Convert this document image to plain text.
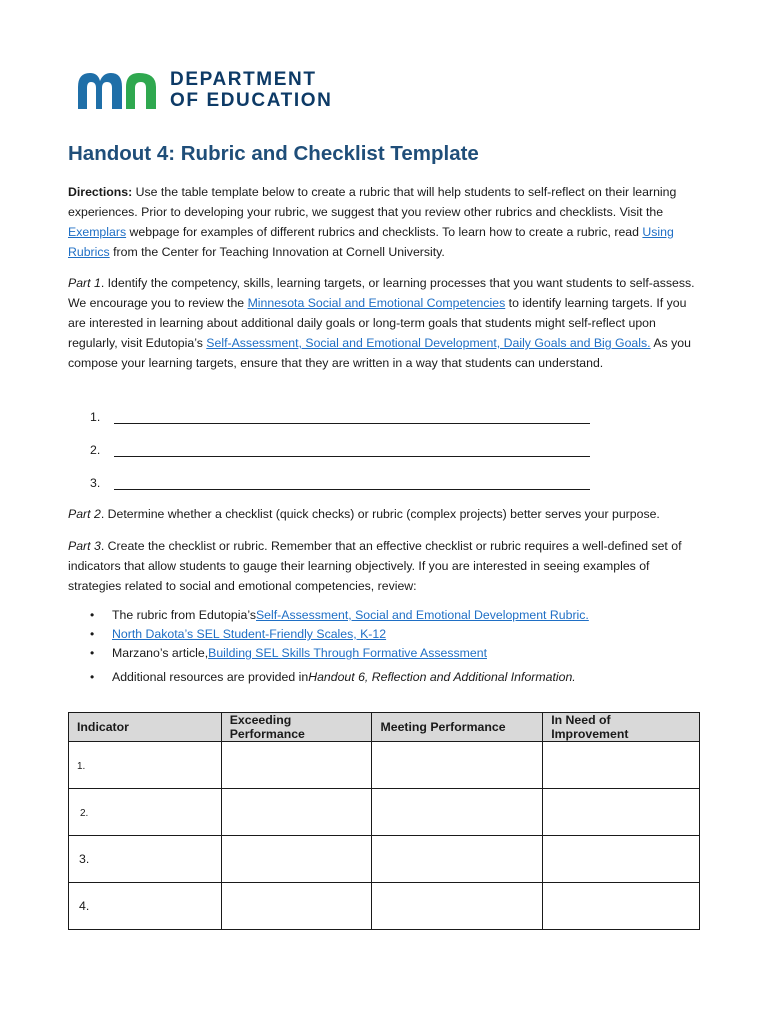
DEPARTMENT
OF EDUCATION
Handout 4: Rubric and Checklist Template

Directions: Use the table template below to create a rubric that will help students to self-reflect on their learning experiences. Prior to developing your rubric, we suggest that you review other rubrics and checklists. Visit the Exemplars webpage for examples of different rubrics and checklists. To learn how to create a rubric, read Using Rubrics from the Center for Teaching Innovation at Cornell University.

Part 1. Identify the competency, skills, learning targets, or learning processes that you want students to self-assess. We encourage you to review the Minnesota Social and Emotional Competencies to identify learning targets. If you are interested in learning about additional daily goals or long-term goals that students might self-reflect upon regularly, visit Edutopia’s Self-Assessment, Social and Emotional Development, Daily Goals and Big Goals. As you compose your learning targets, ensure that they are written in a way that students can understand.

1.
2.
3.

Part 2. Determine whether a checklist (quick checks) or rubric (complex projects) better serves your purpose.

Part 3. Create the checklist or rubric. Remember that an effective checklist or rubric requires a well-defined set of indicators that allow students to gauge their learning objectively. If you are interested in seeing examples of strategies related to social and emotional competencies, review:

•	The rubric from Edutopia’s Self-Assessment, Social and Emotional Development Rubric.
•	North Dakota’s SEL Student-Friendly Scales, K-12
•	Marzano’s article, Building SEL Skills Through Formative Assessment
•	Additional resources are provided in Handout 6, Reflection and Additional Information.
Indicator	Exceeding Performance	Meeting Performance	In Need of Improvement
1.			
2.			
3.			
4.			
